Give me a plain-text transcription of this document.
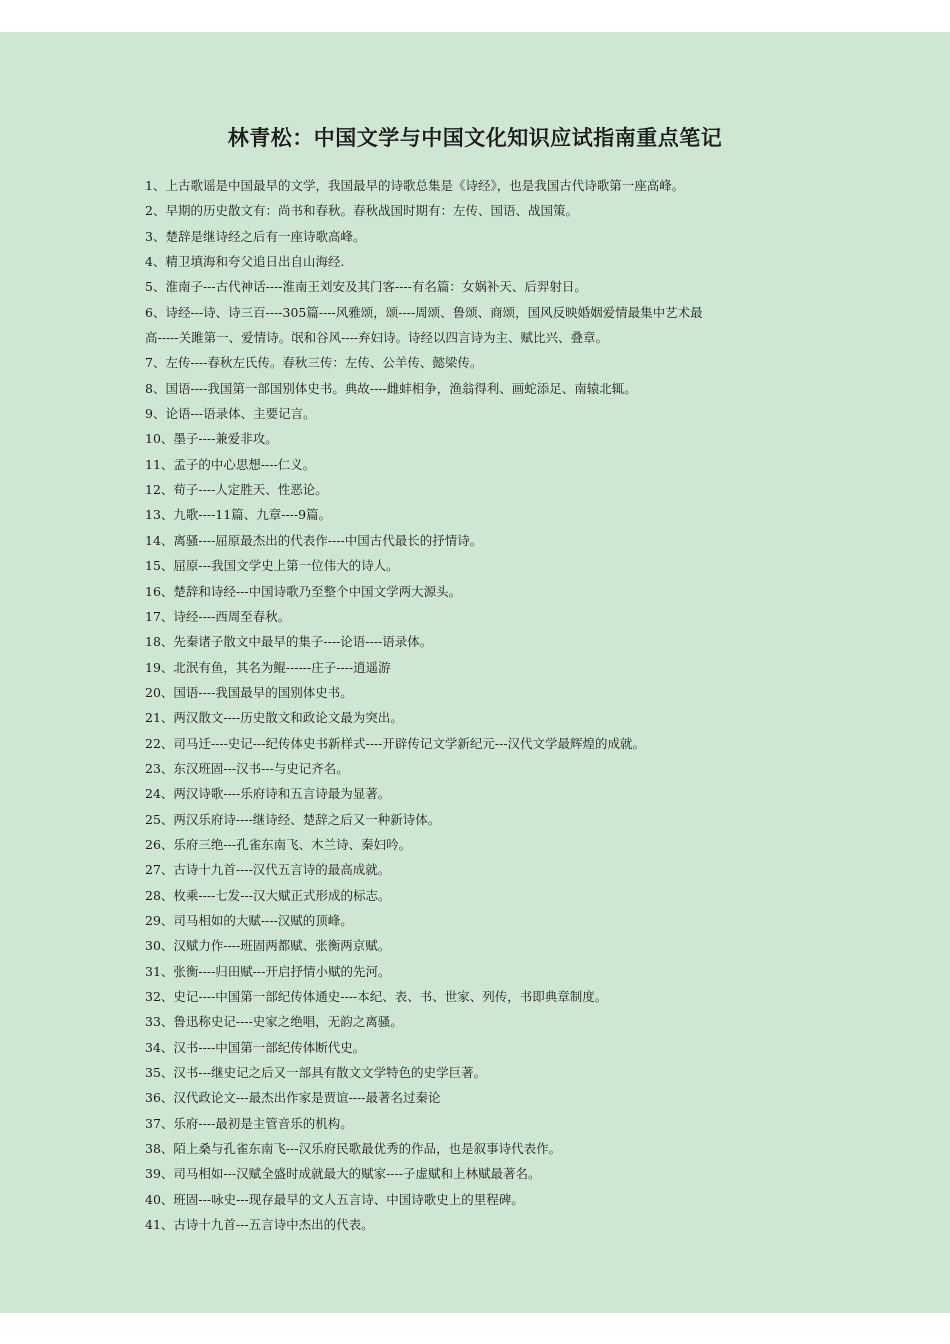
林青松：中国文学与中国文化知识应试指南重点笔记
1、上古歌谣是中国最早的文学，我国最早的诗歌总集是《诗经》，也是我国古代诗歌第一座高峰。
2、早期的历史散文有：尚书和春秋。春秋战国时期有：左传、国语、战国策。
3、楚辞是继诗经之后有一座诗歌高峰。
4、精卫填海和夸父追日出自山海经.
5、淮南子---古代神话----淮南王刘安及其门客----有名篇：女娲补天、后羿射日。
6、诗经---诗、诗三百----305篇----风雅颂，颂----周颂、鲁颂、商颂，国风反映婚姻爱情最集中艺术最
高-----关雎第一、爱情诗。氓和谷风----弃妇诗。诗经以四言诗为主、赋比兴、叠章。
7、左传----春秋左氏传。春秋三传：左传、公羊传、懿梁传。
8、国语----我国第一部国别体史书。典故----雌蚌相争，渔翁得利、画蛇添足、南辕北辄。
9、论语---语录体、主要记言。
10、墨子----兼爱非攻。
11、孟子的中心思想----仁义。
12、荀子----人定胜天、性恶论。
13、九歌----11篇、九章----9篇。
14、离骚----屈原最杰出的代表作----中国古代最长的抒情诗。
15、屈原---我国文学史上第一位伟大的诗人。
16、楚辞和诗经---中国诗歌乃至整个中国文学两大源头。
17、诗经----西周至春秋。
18、先秦诸子散文中最早的集子----论语----语录体。
19、北泯有鱼，其名为鲲------庄子----逍遥游
20、国语----我国最早的国别体史书。
21、两汉散文----历史散文和政论文最为突出。
22、司马迁----史记---纪传体史书新样式----开辟传记文学新纪元---汉代文学最辉煌的成就。
23、东汉班固---汉书---与史记齐名。
24、两汉诗歌----乐府诗和五言诗最为显著。
25、两汉乐府诗----继诗经、楚辞之后又一种新诗体。
26、乐府三绝---孔雀东南飞、木兰诗、秦妇吟。
27、古诗十九首----汉代五言诗的最高成就。
28、枚乘----七发---汉大赋正式形成的标志。
29、司马相如的大赋----汉赋的顶峰。
30、汉赋力作----班固两都赋、张衡两京赋。
31、张衡----归田赋---开启抒情小赋的先河。
32、史记----中国第一部纪传体通史----本纪、表、书、世家、列传，书即典章制度。
33、鲁迅称史记----史家之绝唱，无韵之离骚。
34、汉书----中国第一部纪传体断代史。
35、汉书---继史记之后又一部具有散文文学特色的史学巨著。
36、汉代政论文---最杰出作家是贾谊----最著名过秦论
37、乐府----最初是主管音乐的机构。
38、陌上桑与孔雀东南飞---汉乐府民歌最优秀的作品，也是叙事诗代表作。
39、司马相如---汉赋全盛时成就最大的赋家----子虚赋和上林赋最著名。
40、班固---咏史---现存最早的文人五言诗、中国诗歌史上的里程碑。
41、古诗十九首---五言诗中杰出的代表。
